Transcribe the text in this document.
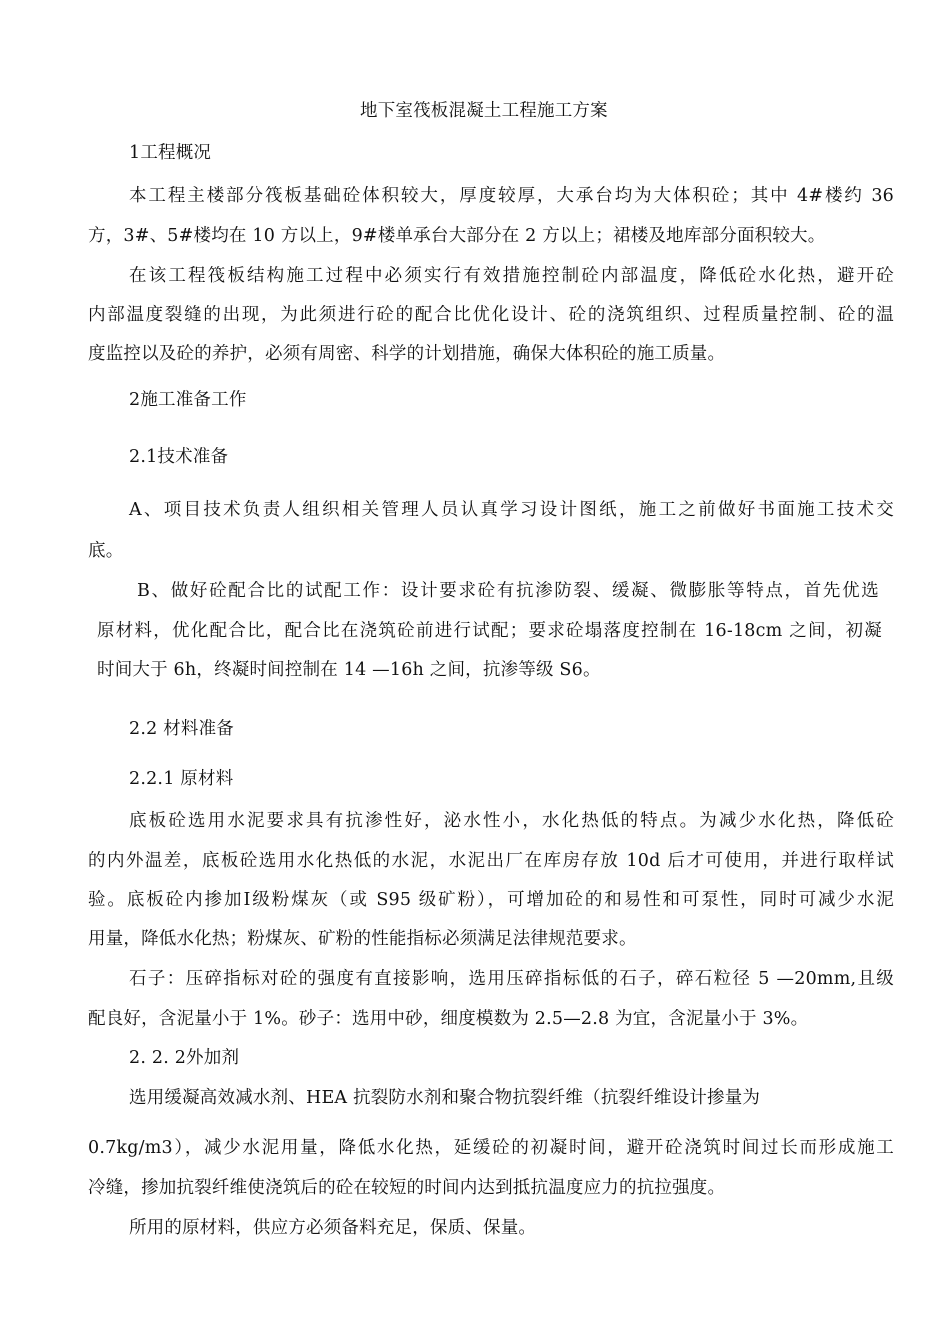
地下室筏板混凝土工程施工方案
1工程概况
本工程主楼部分筏板基础砼体积较大，厚度较厚，大承台均为大体积砼；其中 4#楼约 36
方，3#、5#楼均在 10 方以上，9#楼单承台大部分在 2 方以上；裙楼及地库部分面积较大。
在该工程筏板结构施工过程中必须实行有效措施控制砼内部温度，降低砼水化热，避开砼
内部温度裂缝的出现，为此须进行砼的配合比优化设计、砼的浇筑组织、过程质量控制、砼的温
度监控以及砼的养护，必须有周密、科学的计划措施，确保大体积砼的施工质量。
2施工准备工作
2.1技术准备
A、项目技术负责人组织相关管理人员认真学习设计图纸，施工之前做好书面施工技术交
底。
B、做好砼配合比的试配工作：设计要求砼有抗渗防裂、缓凝、微膨胀等特点，首先优选
原材料，优化配合比，配合比在浇筑砼前进行试配；要求砼塌落度控制在 16-18cm 之间，初凝
时间大于 6h，终凝时间控制在 14 —16h 之间，抗渗等级 S6。
2.2 材料准备
2.2.1 原材料
底板砼选用水泥要求具有抗渗性好，泌水性小，水化热低的特点。为减少水化热，降低砼
的内外温差，底板砼选用水化热低的水泥，水泥出厂在库房存放 10d 后才可使用，并进行取样试
验。底板砼内掺加Ⅰ级粉煤灰（或 S95 级矿粉），可增加砼的和易性和可泵性，同时可减少水泥
用量，降低水化热；粉煤灰、矿粉的性能指标必须满足法律规范要求。
石子：压碎指标对砼的强度有直接影响，选用压碎指标低的石子，碎石粒径 5 —20mm,且级
配良好，含泥量小于 1%。砂子：选用中砂，细度模数为 2.5—2.8 为宜，含泥量小于 3%。
2. 2. 2外加剂
选用缓凝高效减水剂、HEA 抗裂防水剂和聚合物抗裂纤维（抗裂纤维设计掺量为
0.7kg/m3），减少水泥用量，降低水化热，延缓砼的初凝时间，避开砼浇筑时间过长而形成施工
冷缝，掺加抗裂纤维使浇筑后的砼在较短的时间内达到抵抗温度应力的抗拉强度。
所用的原材料，供应方必须备料充足，保质、保量。
